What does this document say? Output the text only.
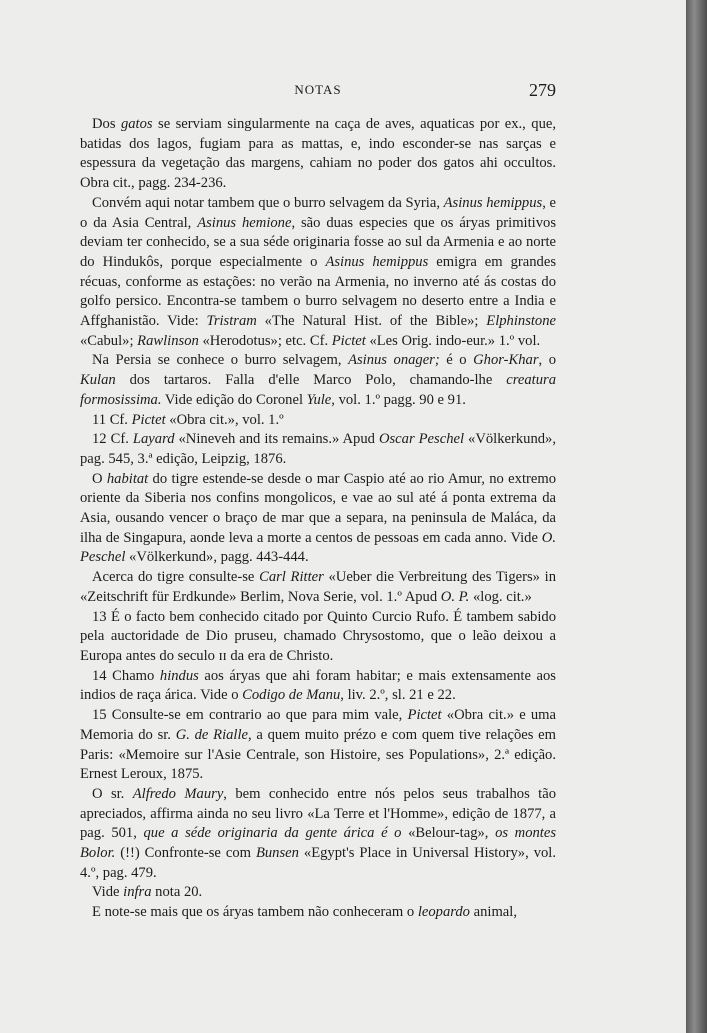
NOTAS	279

Dos gatos se serviam singularmente na caça de aves, aquaticas por ex., que, batidas dos lagos, fugiam para as mattas, e, indo esconder-se nas sarças e espessura da vegetação das margens, cahiam no poder dos gatos ahi occultos. Obra cit., pagg. 234-236.

Convém aqui notar tambem que o burro selvagem da Syria, Asinus hemippus, e o da Asia Central, Asinus hemione, são duas especies que os áryas primitivos deviam ter conhecido, se a sua séde originaria fosse ao sul da Armenia e ao norte do Hindukôs, porque especialmente o Asinus hemippus emigra em grandes récuas, conforme as estações: no verão na Armenia, no inverno até ás costas do golfo persico. Encontra-se tambem o burro selvagem no deserto entre a India e Affghanistão. Vide: Tristram «The Natural Hist. of the Bible»; Elphinstone «Cabul»; Rawlinson «Herodotus»; etc. Cf. Pictet «Les Orig. indo-eur.» 1.º vol.

Na Persia se conhece o burro selvagem, Asinus onager; é o Ghor-Khar, o Kulan dos tartaros. Falla d'elle Marco Polo, chamando-lhe creatura formosissima. Vide edição do Coronel Yule, vol. 1.º pagg. 90 e 91.

11 Cf. Pictet «Obra cit.», vol. 1.º

12 Cf. Layard «Nineveh and its remains.» Apud Oscar Peschel «Völkerkund», pag. 545, 3.ª edição, Leipzig, 1876.

O habitat do tigre estende-se desde o mar Caspio até ao rio Amur, no extremo oriente da Siberia nos confins mongolicos, e vae ao sul até á ponta extrema da Asia, ousando vencer o braço de mar que a separa, na peninsula de Maláca, da ilha de Singapura, aonde leva a morte a centos de pessoas em cada anno. Vide O. Peschel «Völkerkund», pagg. 443-444.

Acerca do tigre consulte-se Carl Ritter «Ueber die Verbreitung des Tigers» in «Zeitschrift für Erdkunde» Berlim, Nova Serie, vol. 1.º Apud O. P. «log. cit.»

13 É o facto bem conhecido citado por Quinto Curcio Rufo. É tambem sabido pela auctoridade de Dio pruseu, chamado Chrysostomo, que o leão deixou a Europa antes do seculo ɪɪ da era de Christo.

14 Chamo hindus aos áryas que ahi foram habitar; e mais extensamente aos indios de raça árica. Vide o Codigo de Manu, liv. 2.º, sl. 21 e 22.

15 Consulte-se em contrario ao que para mim vale, Pictet «Obra cit.» e uma Memoria do sr. G. de Rialle, a quem muito prézo e com quem tive relações em Paris: «Memoire sur l'Asie Centrale, son Histoire, ses Populations», 2.ª edição. Ernest Leroux, 1875.

O sr. Alfredo Maury, bem conhecido entre nós pelos seus trabalhos tão apreciados, affirma ainda no seu livro «La Terre et l'Homme», edição de 1877, a pag. 501, que a séde originaria da gente árica é o «Belour-tag», os montes Bolor. (!!) Confronte-se com Bunsen «Egypt's Place in Universal History», vol. 4.º, pag. 479.

Vide infra nota 20.

E note-se mais que os áryas tambem não conheceram o leopardo animal,
